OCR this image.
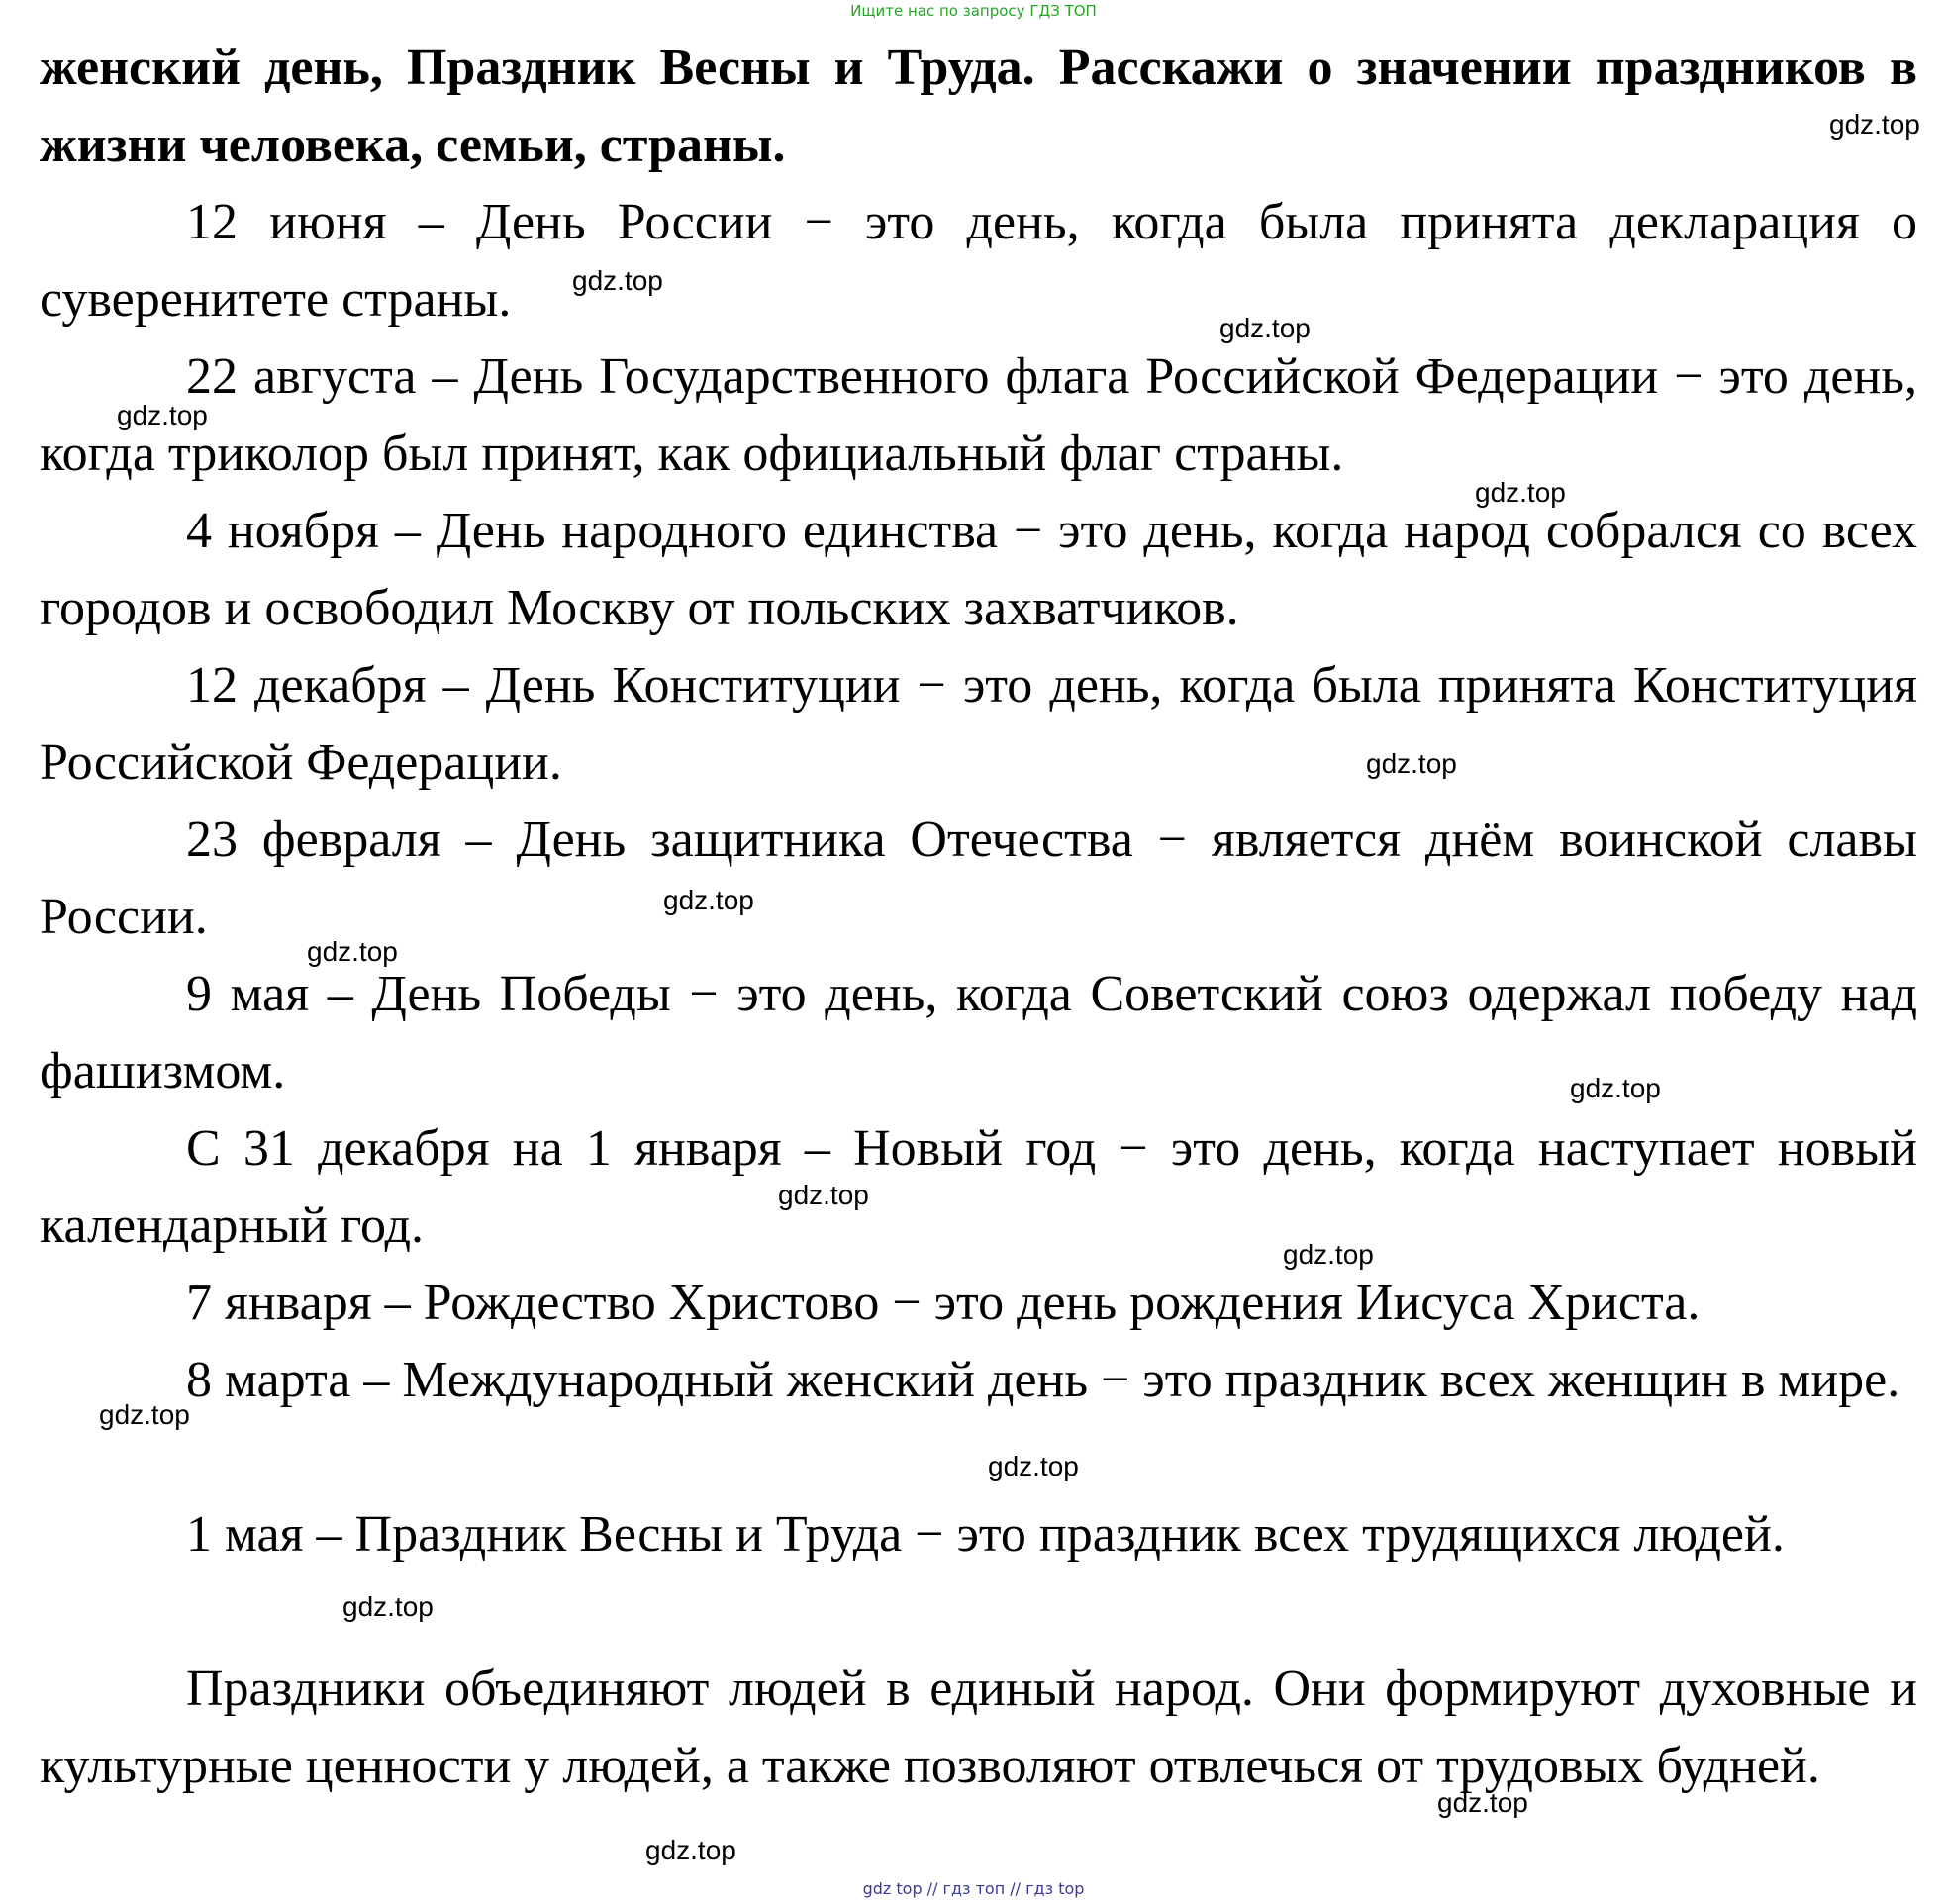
Ищите нас по запросу ГДЗ ТОП

женский день, Праздник Весны и Труда. Расскажи о значении праздников в жизни человека, семьи, страны.

12 июня – День России − это день, когда была принята декларация о суверенитете страны.

22 августа – День Государственного флага Российской Федерации − это день, когда триколор был принят, как официальный флаг страны.

4 ноября – День народного единства − это день, когда народ собрался со всех городов и освободил Москву от польских захватчиков.

12 декабря – День Конституции − это день, когда была принята Конституция Российской Федерации.

23 февраля – День защитника Отечества − является днём воинской славы России.

9 мая – День Победы − это день, когда Советский союз одержал победу над фашизмом.

С 31 декабря на 1 января – Новый год − это день, когда наступает новый календарный год.

7 января – Рождество Христово − это день рождения Иисуса Христа.

8 марта – Международный женский день − это праздник всех женщин в мире.

1 мая – Праздник Весны и Труда − это праздник всех трудящихся людей.

Праздники объединяют людей в единый народ. Они формируют духовные и культурные ценности у людей, а также позволяют отвлечься от трудовых будней.

gdz.top
gdz.top
gdz.top
gdz.top
gdz.top
gdz.top
gdz.top
gdz.top
gdz.top
gdz.top
gdz.top
gdz.top
gdz.top
gdz.top
gdz.top
gdz.top
gdz top // гдз топ // гдз top
